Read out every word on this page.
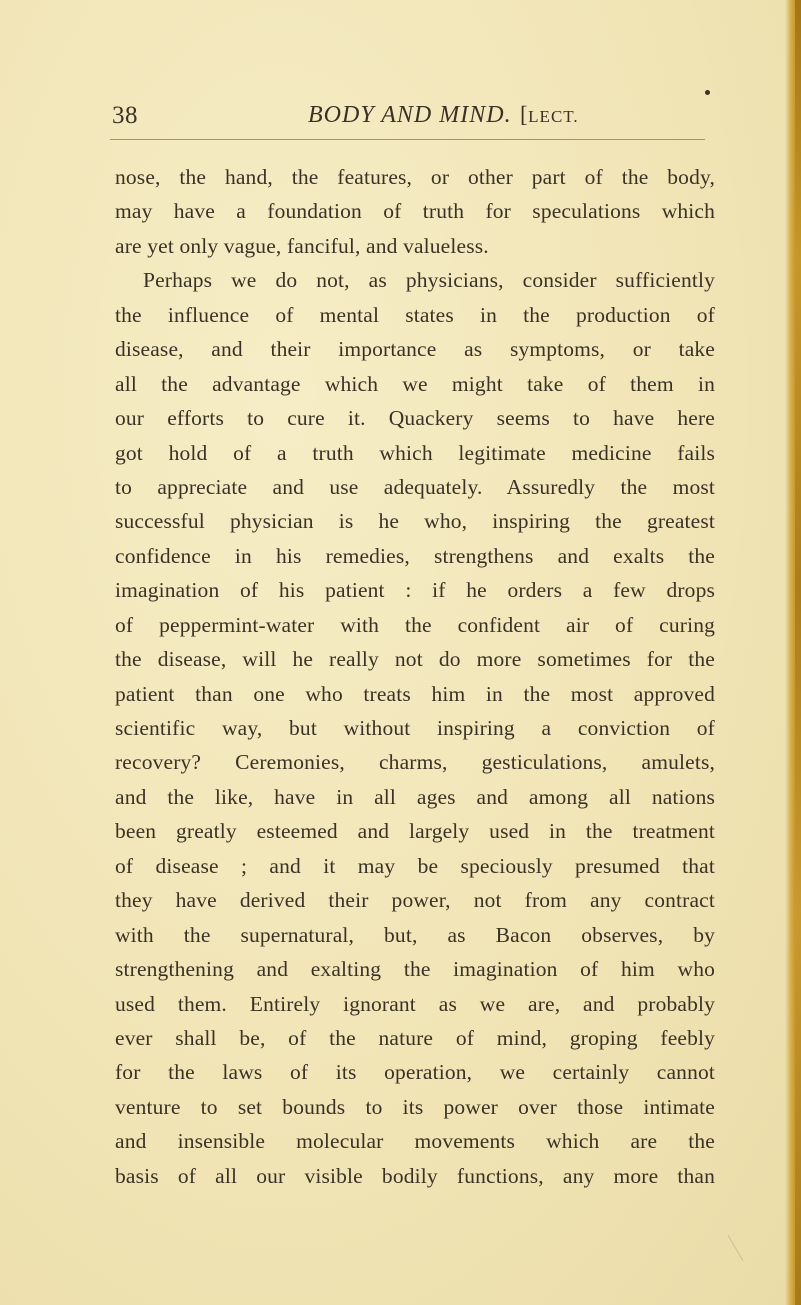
38	BODY AND MIND. [LECT.
nose, the hand, the features, or other part of the body,
may have a foundation of truth for speculations which
are yet only vague, fanciful, and valueless.
Perhaps we do not, as physicians, consider sufficiently
the influence of mental states in the production of
disease, and their importance as symptoms, or take
all the advantage which we might take of them in
our efforts to cure it. Quackery seems to have here
got hold of a truth which legitimate medicine fails
to appreciate and use adequately. Assuredly the most
successful physician is he who, inspiring the greatest
confidence in his remedies, strengthens and exalts the
imagination of his patient : if he orders a few drops
of peppermint-water with the confident air of curing
the disease, will he really not do more sometimes for the
patient than one who treats him in the most approved
scientific way, but without inspiring a conviction of
recovery? Ceremonies, charms, gesticulations, amulets,
and the like, have in all ages and among all nations
been greatly esteemed and largely used in the treatment
of disease ; and it may be speciously presumed that
they have derived their power, not from any contract
with the supernatural, but, as Bacon observes, by
strengthening and exalting the imagination of him who
used them. Entirely ignorant as we are, and probably
ever shall be, of the nature of mind, groping feebly
for the laws of its operation, we certainly cannot
venture to set bounds to its power over those intimate
and insensible molecular movements which are the
basis of all our visible bodily functions, any more than
